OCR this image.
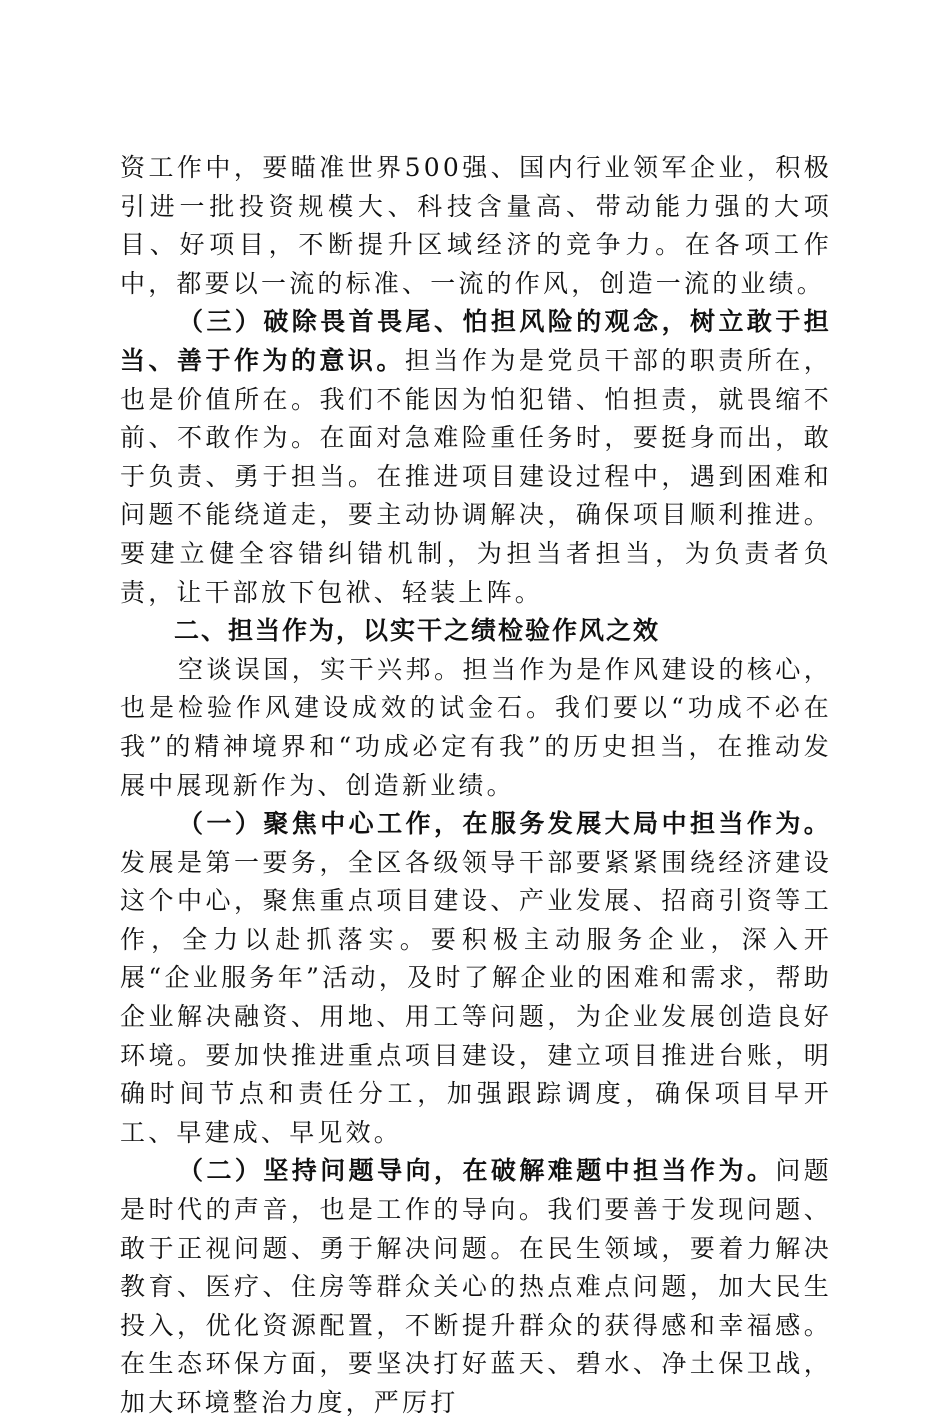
资工作中，要瞄准世界500强、国内行业领军企业，积极引进一批投资规模大、科技含量高、带动能力强的大项目、好项目，不断提升区域经济的竞争力。在各项工作中，都要以一流的标准、一流的作风，创造一流的业绩。

（三）破除畏首畏尾、怕担风险的观念，树立敢于担当、善于作为的意识。担当作为是党员干部的职责所在，也是价值所在。我们不能因为怕犯错、怕担责，就畏缩不前、不敢作为。在面对急难险重任务时，要挺身而出，敢于负责、勇于担当。在推进项目建设过程中，遇到困难和问题不能绕道走，要主动协调解决，确保项目顺利推进。要建立健全容错纠错机制，为担当者担当，为负责者负责，让干部放下包袱、轻装上阵。

二、担当作为，以实干之绩检验作风之效

空谈误国，实干兴邦。担当作为是作风建设的核心，也是检验作风建设成效的试金石。我们要以“功成不必在我”的精神境界和“功成必定有我”的历史担当，在推动发展中展现新作为、创造新业绩。

（一）聚焦中心工作，在服务发展大局中担当作为。发展是第一要务，全区各级领导干部要紧紧围绕经济建设这个中心，聚焦重点项目建设、产业发展、招商引资等工作，全力以赴抓落实。要积极主动服务企业，深入开展“企业服务年”活动，及时了解企业的困难和需求，帮助企业解决融资、用地、用工等问题，为企业发展创造良好环境。要加快推进重点项目建设，建立项目推进台账，明确时间节点和责任分工，加强跟踪调度，确保项目早开工、早建成、早见效。

（二）坚持问题导向，在破解难题中担当作为。问题是时代的声音，也是工作的导向。我们要善于发现问题、敢于正视问题、勇于解决问题。在民生领域，要着力解决教育、医疗、住房等群众关心的热点难点问题，加大民生投入，优化资源配置，不断提升群众的获得感和幸福感。在生态环保方面，要坚决打好蓝天、碧水、净土保卫战，加大环境整治力度，严厉打
